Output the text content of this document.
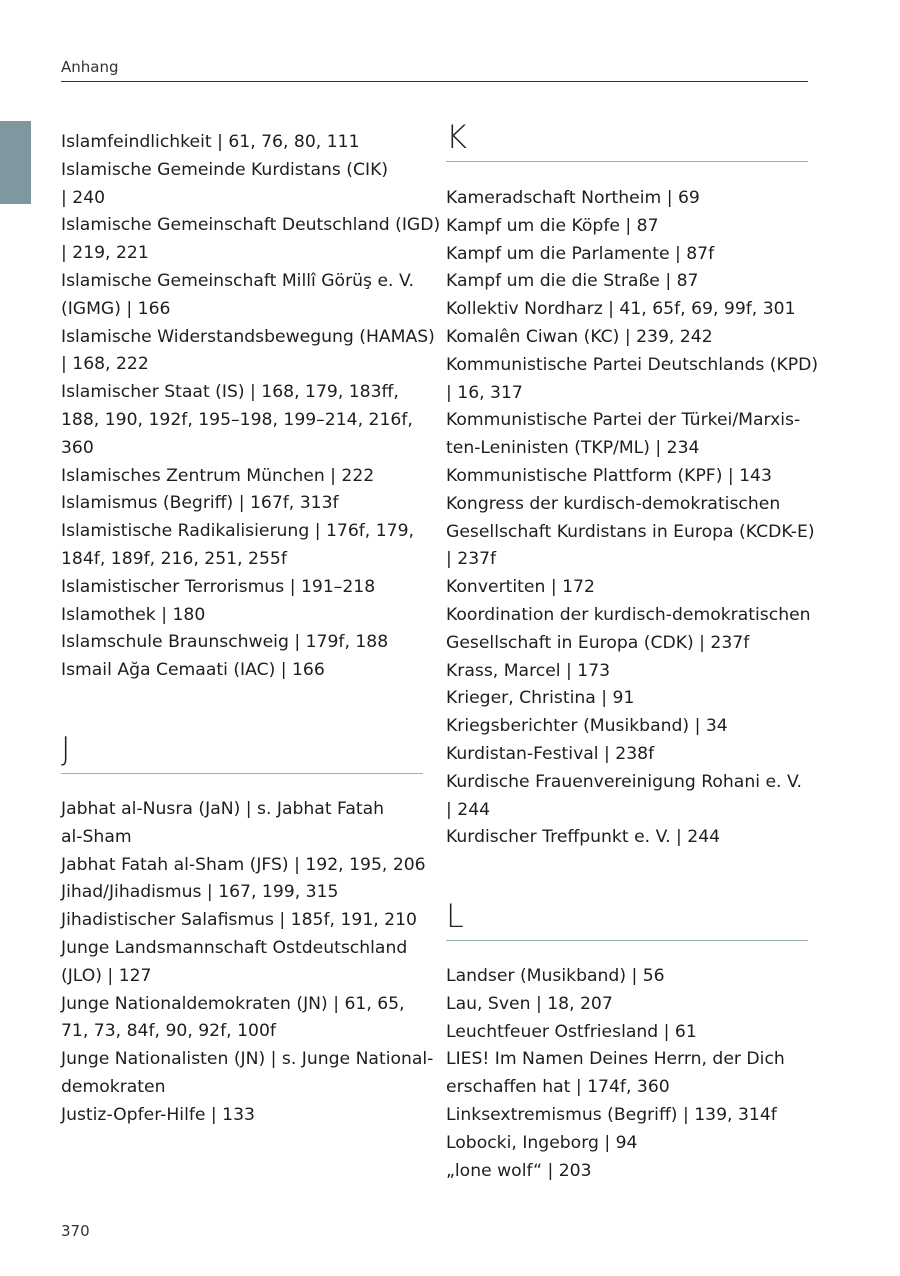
Anhang
Islamfeindlichkeit | 61, 76, 80, 111
Islamische Gemeinde Kurdistans (CIK)
| 240
Islamische Gemeinschaft Deutschland (IGD)
| 219, 221
Islamische Gemeinschaft Millî Görüş e. V.
(IGMG) | 166
Islamische Widerstandsbewegung (HAMAS)
| 168, 222
Islamischer Staat (IS) | 168, 179, 183ff,
188, 190, 192f, 195–198, 199–214, 216f,
360
Islamisches Zentrum München | 222
Islamismus (Begriff) | 167f, 313f
Islamistische Radikalisierung | 176f, 179,
184f, 189f, 216, 251, 255f
Islamistischer Terrorismus | 191–218
Islamothek | 180
Islamschule Braunschweig | 179f, 188
Ismail Ağa Cemaati (IAC) | 166
J
Jabhat al-Nusra (JaN) | s. Jabhat Fatah
al-Sham
Jabhat Fatah al-Sham (JFS) | 192, 195, 206
Jihad/Jihadismus | 167, 199, 315
Jihadistischer Salafismus | 185f, 191, 210
Junge Landsmannschaft Ostdeutschland
(JLO) | 127
Junge Nationaldemokraten (JN) | 61, 65,
71, 73, 84f, 90, 92f, 100f
Junge Nationalisten (JN) | s. Junge National-
demokraten
Justiz-Opfer-Hilfe | 133
K
Kameradschaft Northeim | 69
Kampf um die Köpfe | 87
Kampf um die Parlamente | 87f
Kampf um die die Straße | 87
Kollektiv Nordharz | 41, 65f, 69, 99f, 301
Komalên Ciwan (KC) | 239, 242
Kommunistische Partei Deutschlands (KPD)
| 16, 317
Kommunistische Partei der Türkei/Marxis-
ten-Leninisten (TKP/ML) | 234
Kommunistische Plattform (KPF) | 143
Kongress der kurdisch-demokratischen
Gesellschaft Kurdistans in Europa (KCDK-E)
| 237f
Konvertiten | 172
Koordination der kurdisch-demokratischen
Gesellschaft in Europa (CDK) | 237f
Krass, Marcel | 173
Krieger, Christina | 91
Kriegsberichter (Musikband) | 34
Kurdistan-Festival | 238f
Kurdische Frauenvereinigung Rohani e. V.
| 244
Kurdischer Treffpunkt e. V. | 244
L
Landser (Musikband) | 56
Lau, Sven | 18, 207
Leuchtfeuer Ostfriesland | 61
LIES! Im Namen Deines Herrn, der Dich
erschaffen hat | 174f, 360
Linksextremismus (Begriff) | 139, 314f
Lobocki, Ingeborg | 94
„lone wolf“ | 203
370
